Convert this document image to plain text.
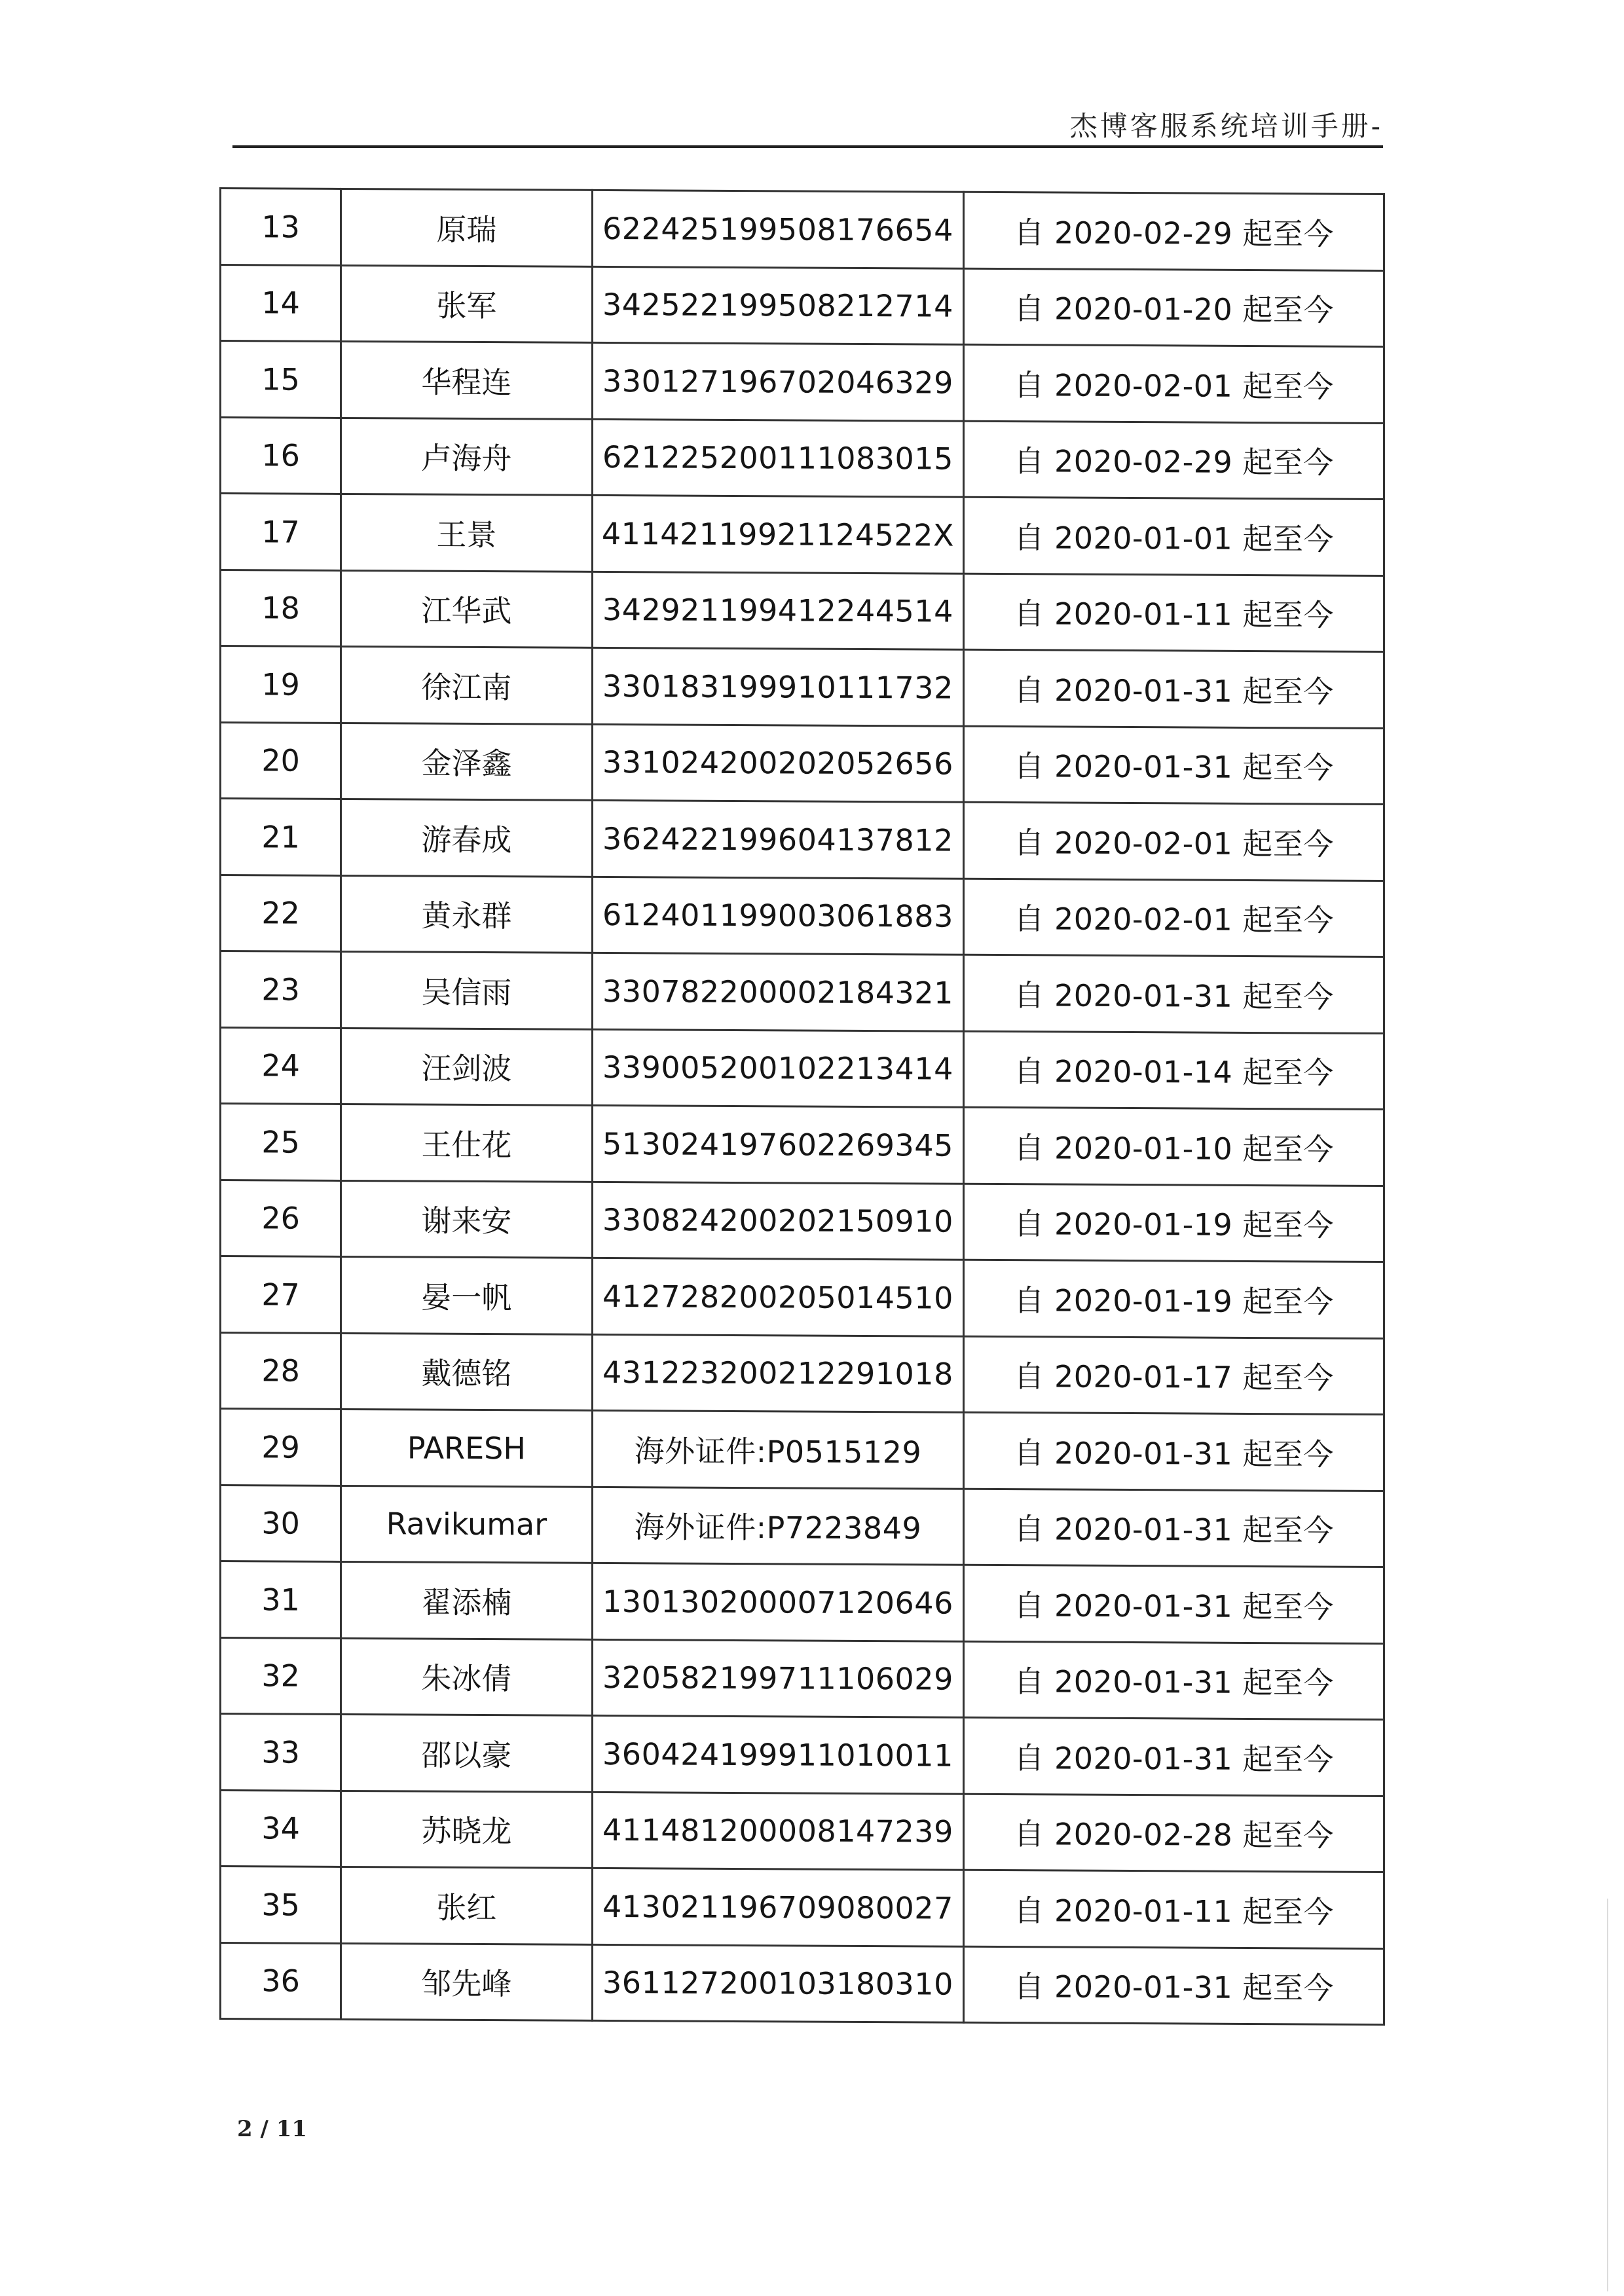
杰博客服系统培训手册-
13	原瑞	622425199508176654	自 2020-02-29 起至今
14	张军	342522199508212714	自 2020-01-20 起至今
15	华程连	330127196702046329	自 2020-02-01 起至今
16	卢海舟	621225200111083015	自 2020-02-29 起至今
17	王景	41142119921124522X	自 2020-01-01 起至今
18	江华武	342921199412244514	自 2020-01-11 起至今
19	徐江南	330183199910111732	自 2020-01-31 起至今
20	金泽鑫	331024200202052656	自 2020-01-31 起至今
21	游春成	362422199604137812	自 2020-02-01 起至今
22	黄永群	612401199003061883	自 2020-02-01 起至今
23	吴信雨	330782200002184321	自 2020-01-31 起至今
24	汪剑波	339005200102213414	自 2020-01-14 起至今
25	王仕花	513024197602269345	自 2020-01-10 起至今
26	谢来安	330824200202150910	自 2020-01-19 起至今
27	晏一帆	412728200205014510	自 2020-01-19 起至今
28	戴德铭	431223200212291018	自 2020-01-17 起至今
29	PARESH	海外证件:P0515129	自 2020-01-31 起至今
30	Ravikumar	海外证件:P7223849	自 2020-01-31 起至今
31	翟添楠	130130200007120646	自 2020-01-31 起至今
32	朱冰倩	320582199711106029	自 2020-01-31 起至今
33	邵以豪	360424199911010011	自 2020-01-31 起至今
34	苏晓龙	411481200008147239	自 2020-02-28 起至今
35	张红	413021196709080027	自 2020-01-11 起至今
36	邹先峰	361127200103180310	自 2020-01-31 起至今
2 / 11
